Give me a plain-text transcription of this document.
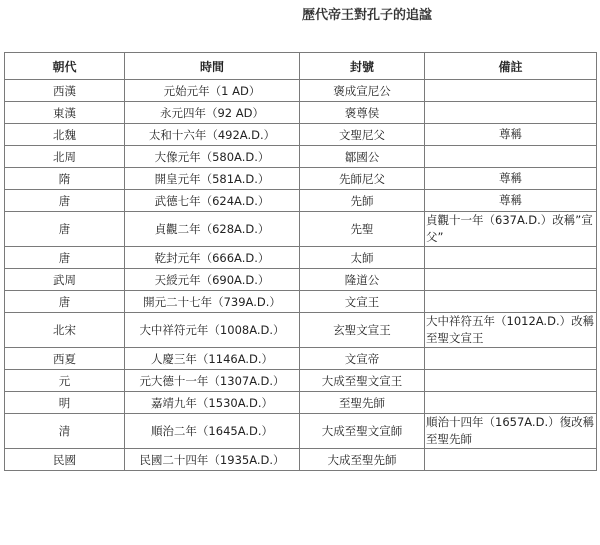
歷代帝王對孔子的追諡
朝代	時間	封號	備註
西漢	元始元年（1 AD）	褒成宣尼公	
東漢	永元四年（92 AD）	褒尊侯	
北魏	太和十六年（492A.D.）	文聖尼父	尊稱
北周	大像元年（580A.D.）	鄒國公	
隋	開皇元年（581A.D.）	先師尼父	尊稱
唐	武德七年（624A.D.）	先師	尊稱
唐	貞觀二年（628A.D.）	先聖	貞觀十一年（637A.D.）改稱”宣父”
唐	乾封元年（666A.D.）	太師	
武周	天綬元年（690A.D.）	隆道公	
唐	開元二十七年（739A.D.）	文宣王	
北宋	大中祥符元年（1008A.D.）	玄聖文宣王	大中祥符五年（1012A.D.）改稱至聖文宣王
西夏	人慶三年（1146A.D.）	文宣帝	
元	元大德十一年（1307A.D.）	大成至聖文宣王	
明	嘉靖九年（1530A.D.）	至聖先師	
清	順治二年（1645A.D.）	大成至聖文宣師	順治十四年（1657A.D.）復改稱至聖先師
民國	民國二十四年（1935A.D.）	大成至聖先師	
